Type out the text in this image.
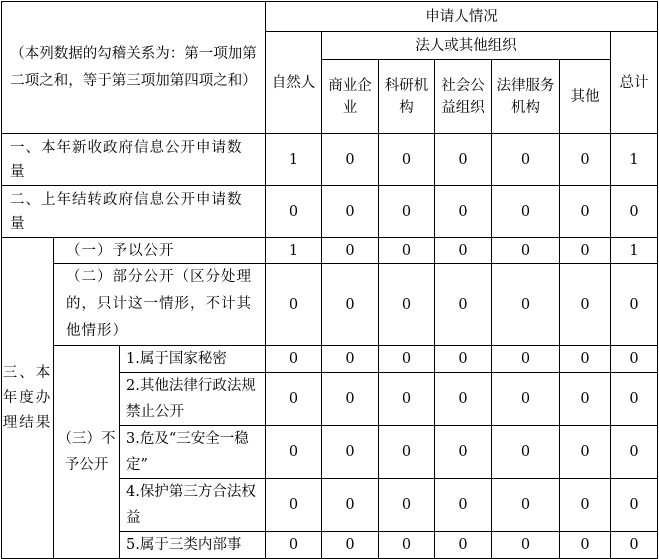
（本列数据的勾稽关系为：第一项加第二项之和，等于第三项加第四项之和）			申请人情况						
			自然人	法人或其他组织					总计
				商业企业	科研机构	社会公益组织	法律服务机构	其他	
一、本年新收政府信息公开申请数量			1	0	0	0	0	0	1
二、上年结转政府信息公开申请数量			0	0	0	0	0	0	0
三、本年度办理结果	（一）予以公开		1	0	0	0	0	0	1
	（二）部分公开（区分处理的，只计这一情形，不计其他情形）		0	0	0	0	0	0	0
	（三）不予公开	1.属于国家秘密	0	0	0	0	0	0	0
		2.其他法律行政法规禁止公开	0	0	0	0	0	0	0
		3.危及“三安全一稳定”	0	0	0	0	0	0	0
		4.保护第三方合法权益	0	0	0	0	0	0	0
		5.属于三类内部事	0	0	0	0	0	0	0
